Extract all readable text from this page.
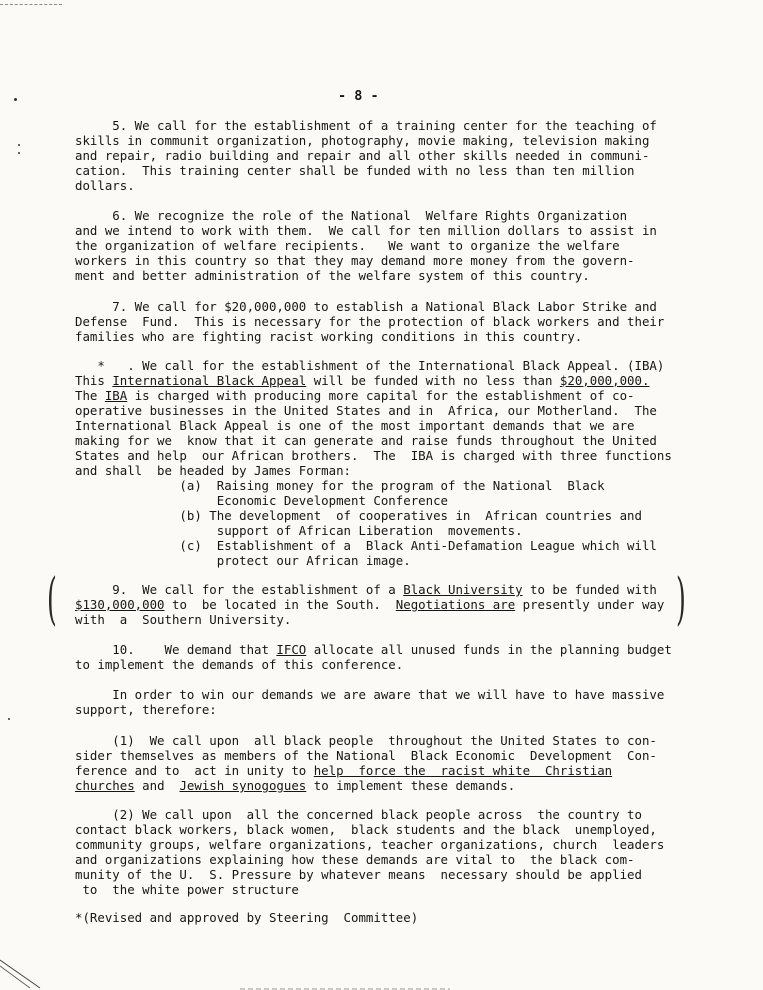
- 8 -
5. We call for the establishment of a training center for the teaching of
skills in communit organization, photography, movie making, television making
and repair, radio building and repair and all other skills needed in communi-
cation.  This training center shall be funded with no less than ten million
dollars.
6. We recognize the role of the National  Welfare Rights Organization
and we intend to work with them.  We call for ten million dollars to assist in
the organization of welfare recipients.   We want to organize the welfare
workers in this country so that they may demand more money from the govern-
ment and better administration of the welfare system of this country.
7. We call for $20,000,000 to establish a National Black Labor Strike and
Defense  Fund.  This is necessary for the protection of black workers and their
families who are fighting racist working conditions in this country.
*   . We call for the establishment of the International Black Appeal. (IBA)
This International Black Appeal will be funded with no less than $20,000,000.
The IBA is charged with producing more capital for the establishment of co-
operative businesses in the United States and in  Africa, our Motherland.  The
International Black Appeal is one of the most important demands that we are
making for we  know that it can generate and raise funds throughout the United
States and help  our African brothers.  The  IBA is charged with three functions
and shall  be headed by James Forman:
(a)  Raising money for the program of the National  Black
Economic Development Conference
(b) The development  of cooperatives in  African countries and
support of African Liberation  movements.
(c)  Establishment of a  Black Anti-Defamation League which will
protect our African image.
(	)
9.  We call for the establishment of a Black University to be funded with
$130,000,000 to  be located in the South.  Negotiations are presently under way
with  a  Southern University.
10.    We demand that IFCO allocate all unused funds in the planning budget
to implement the demands of this conference.
In order to win our demands we are aware that we will have to have massive
support, therefore:
(1)  We call upon  all black people  throughout the United States to con-
sider themselves as members of the National  Black Economic  Development  Con-
ference and to  act in unity to help  force the  racist white  Christian
churches and  Jewish synogogues to implement these demands.
(2) We call upon  all the concerned black people across  the country to
contact black workers, black women,  black students and the black  unemployed,
community groups, welfare organizations, teacher organizations, church  leaders
and organizations explaining how these demands are vital to  the black com-
munity of the U.  S. Pressure by whatever means  necessary should be applied
to  the white power structure
*(Revised and approved by Steering  Committee)
